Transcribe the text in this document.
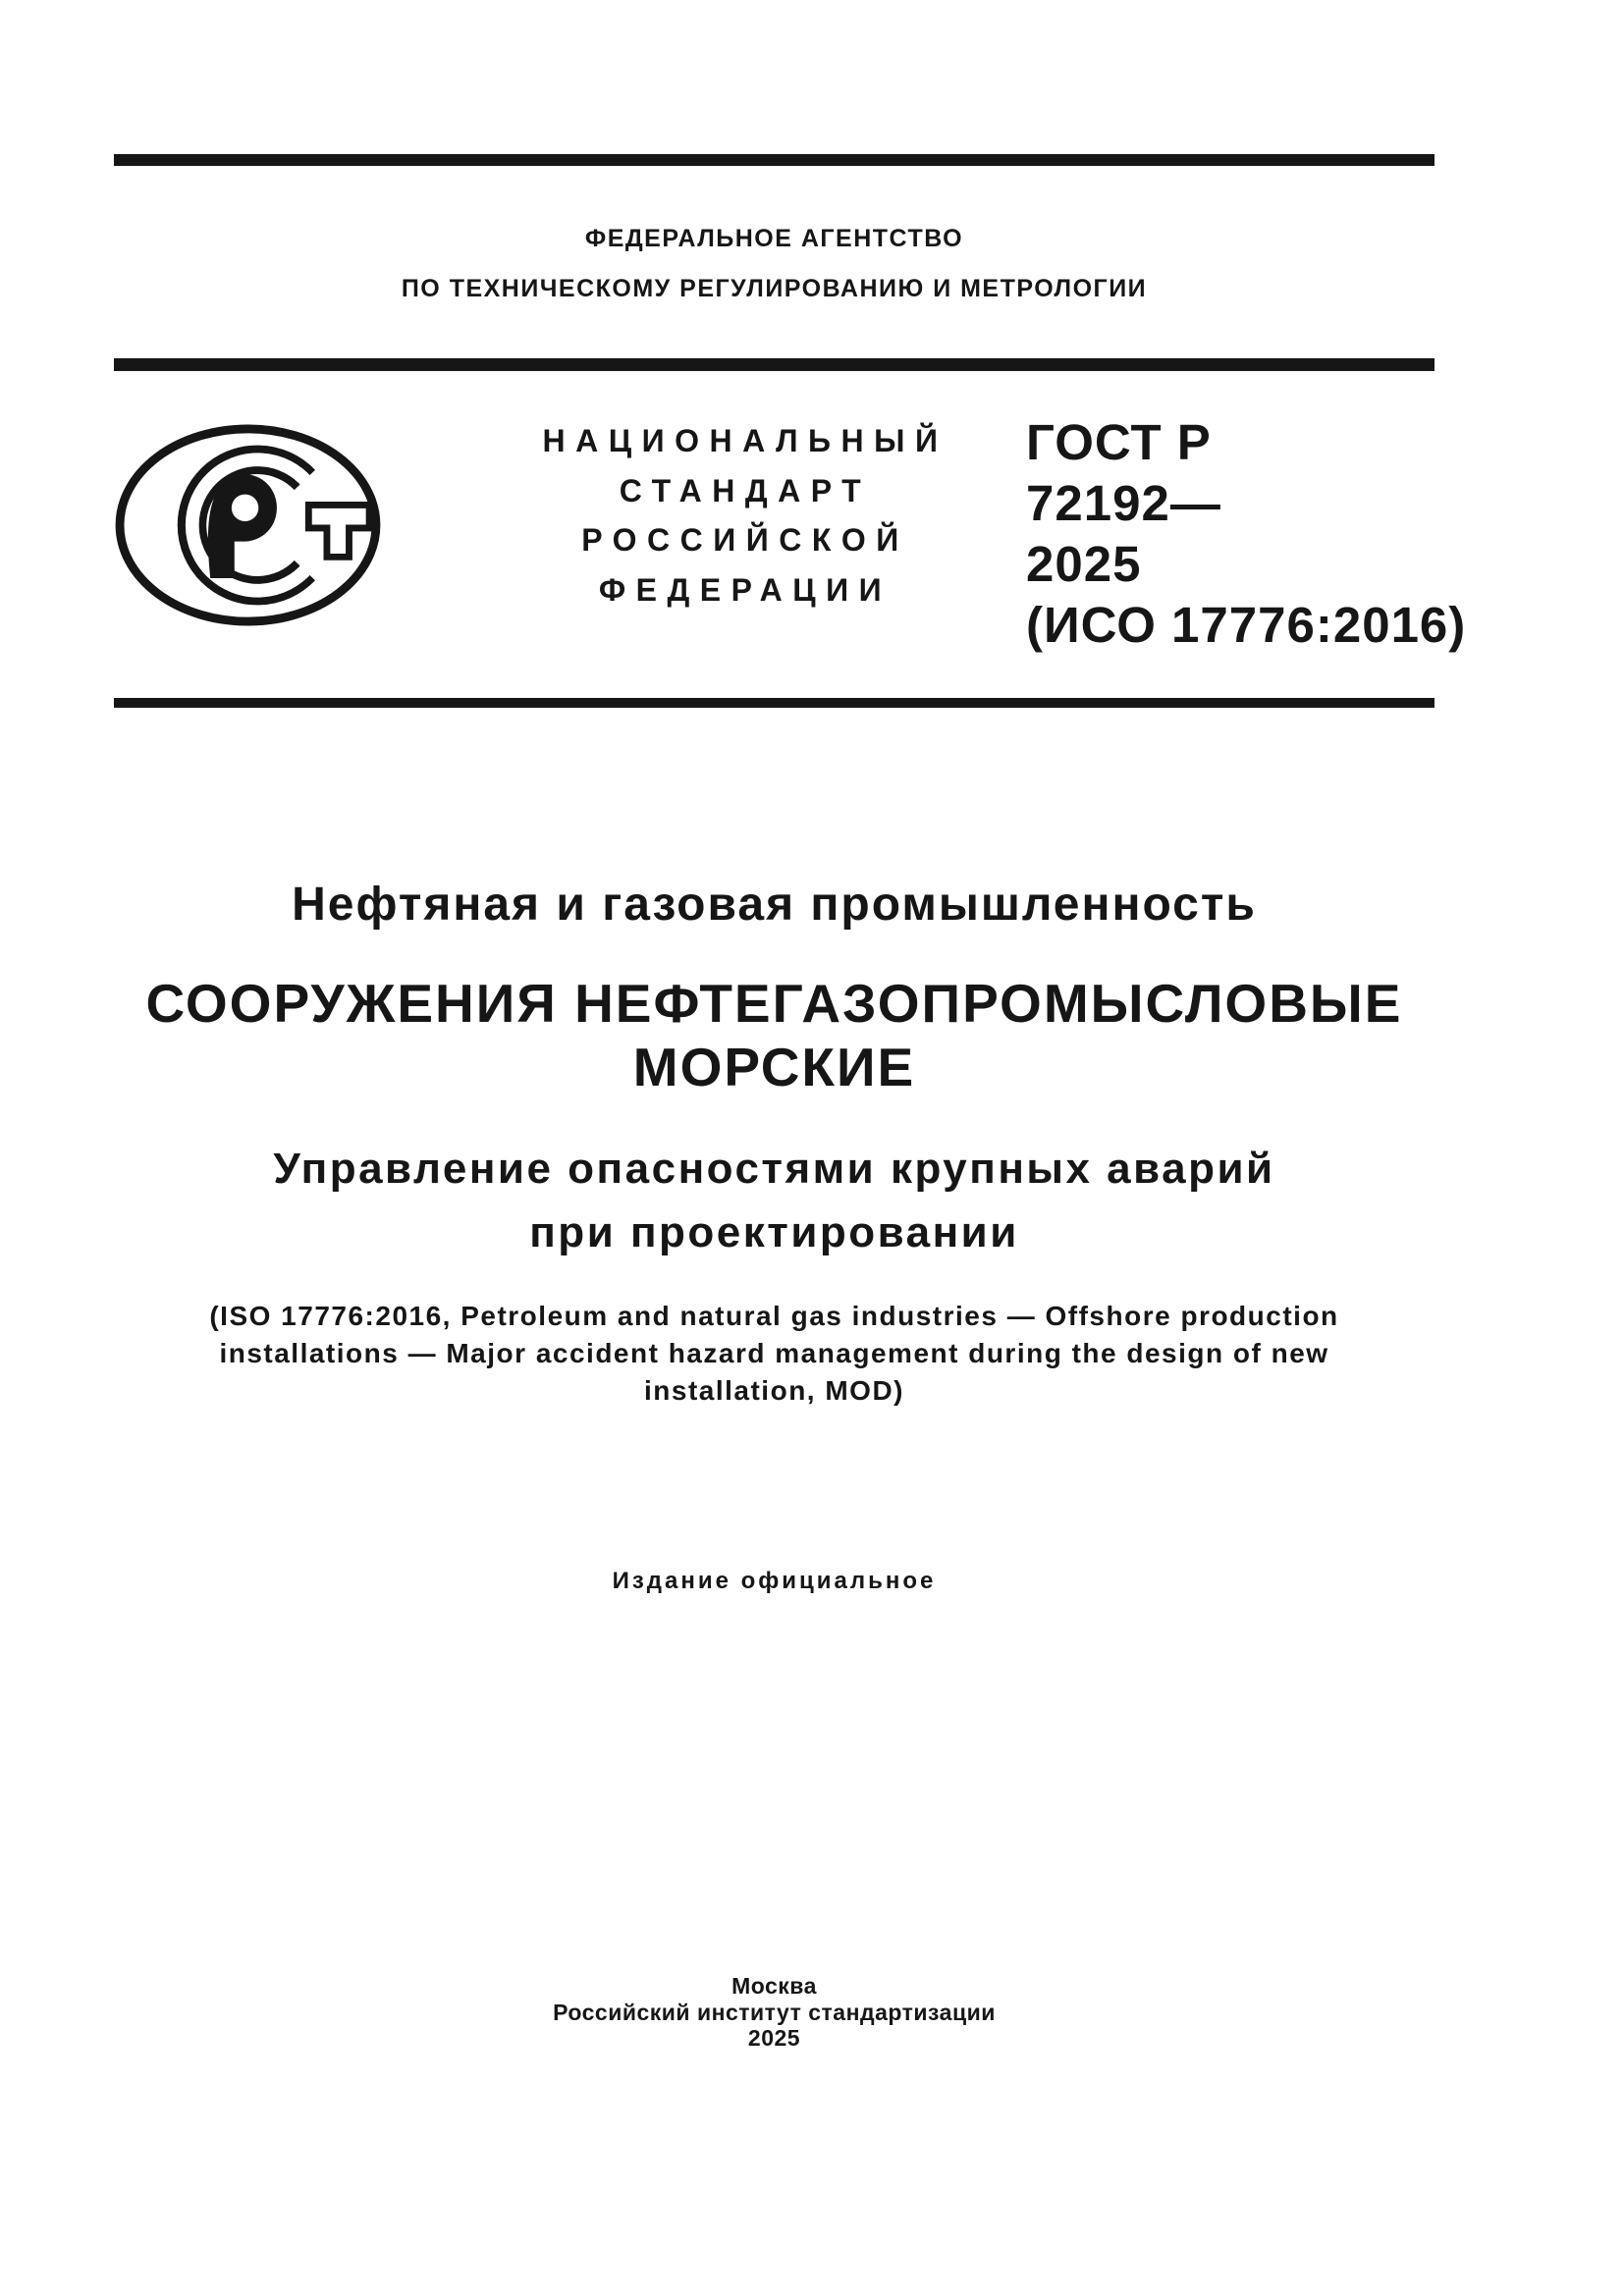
ФЕДЕРАЛЬНОЕ АГЕНТСТВО
ПО ТЕХНИЧЕСКОМУ РЕГУЛИРОВАНИЮ И МЕТРОЛОГИИ
НАЦИОНАЛЬНЫЙ
СТАНДАРТ
РОССИЙСКОЙ
ФЕДЕРАЦИИ
ГОСТ Р
72192—
2025
(ИСО 17776:2016)
Нефтяная и газовая промышленность
СООРУЖЕНИЯ НЕФТЕГАЗОПРОМЫСЛОВЫЕ
МОРСКИЕ
Управление опасностями крупных аварий
при проектировании
(ISO 17776:2016, Petroleum and natural gas industries — Offshore production
installations — Major accident hazard management during the design of new
installation, MOD)
Издание официальное
Москва
Российский институт стандартизации
2025
